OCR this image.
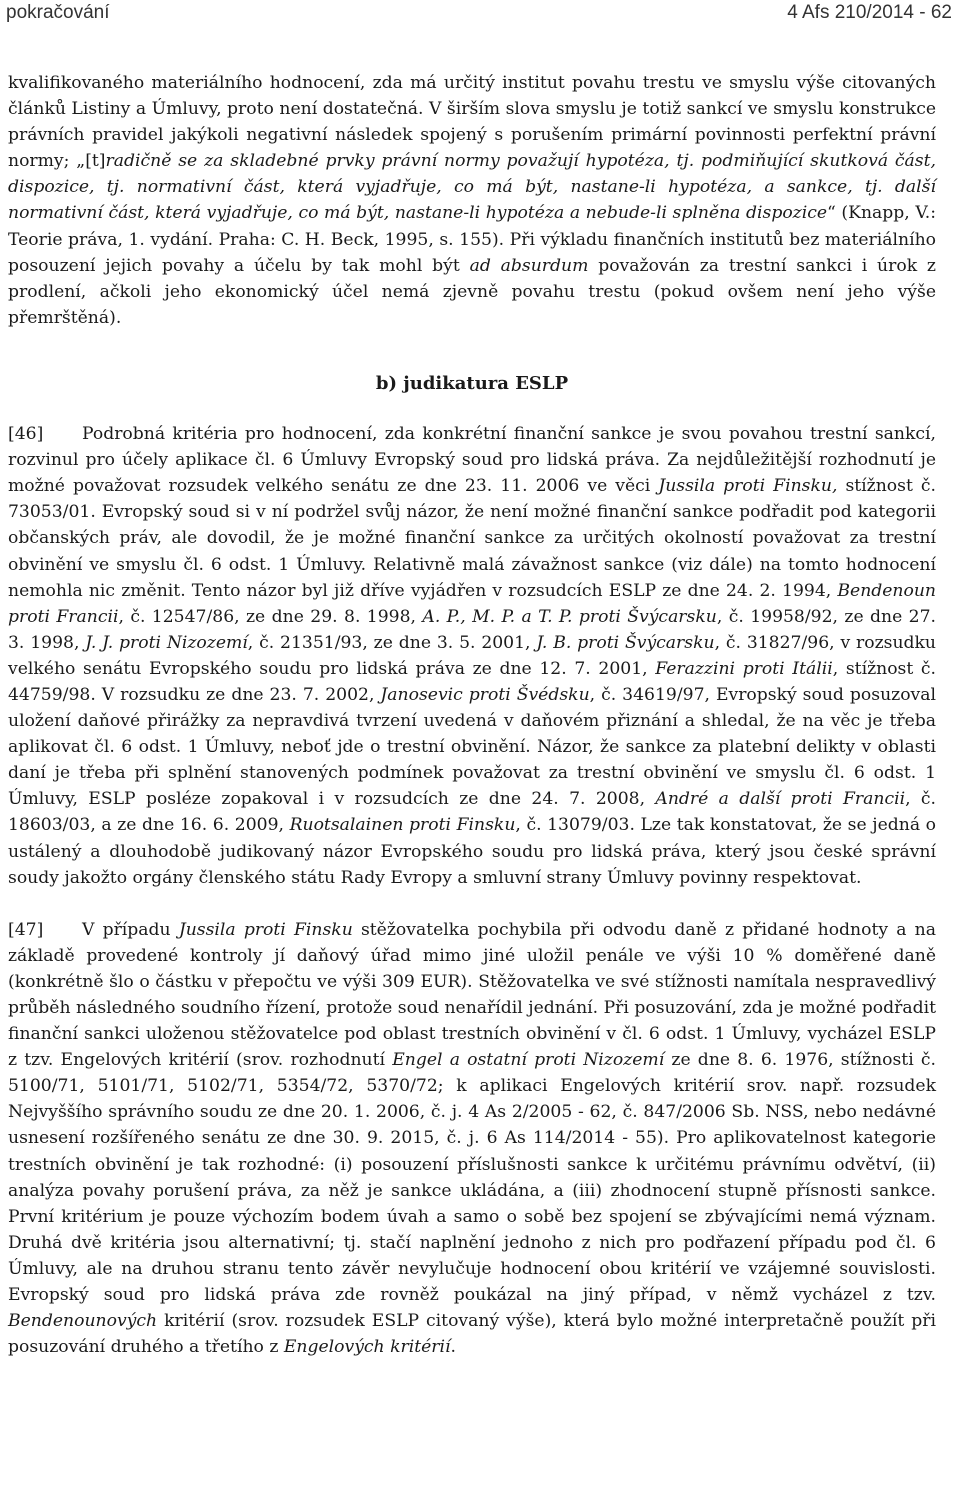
pokračování	4 Afs 210/2014 - 62

kvalifikovaného materiálního hodnocení, zda má určitý institut povahu trestu ve smyslu výše citovaných článků Listiny a Úmluvy, proto není dostatečná. V širším slova smyslu je totiž sankcí ve smyslu konstrukce právních pravidel jakýkoli negativní následek spojený s porušením primární povinnosti perfektní právní normy; „[t]radičně se za skladebné prvky právní normy považují hypotéza, tj. podmiňující skutková část, dispozice, tj. normativní část, která vyjadřuje, co má být, nastane-li hypotéza, a sankce, tj. další normativní část, která vyjadřuje, co má být, nastane-li hypotéza a nebude-li splněna dispozice“ (Knapp, V.: Teorie práva, 1. vydání. Praha: C. H. Beck, 1995, s. 155). Při výkladu finančních institutů bez materiálního posouzení jejich povahy a účelu by tak mohl být ad absurdum považován za trestní sankci i úrok z prodlení, ačkoli jeho ekonomický účel nemá zjevně povahu trestu (pokud ovšem není jeho výše přemrštěná).

b) judikatura ESLP

[46] Podrobná kritéria pro hodnocení, zda konkrétní finanční sankce je svou povahou trestní sankcí, rozvinul pro účely aplikace čl. 6 Úmluvy Evropský soud pro lidská práva. Za nejdůležitější rozhodnutí je možné považovat rozsudek velkého senátu ze dne 23. 11. 2006 ve věci Jussila proti Finsku, stížnost č. 73053/01. Evropský soud si v ní podržel svůj názor, že není možné finanční sankce podřadit pod kategorii občanských práv, ale dovodil, že je možné finanční sankce za určitých okolností považovat za trestní obvinění ve smyslu čl. 6 odst. 1 Úmluvy. Relativně malá závažnost sankce (viz dále) na tomto hodnocení nemohla nic změnit. Tento názor byl již dříve vyjádřen v rozsudcích ESLP ze dne 24. 2. 1994, Bendenoun proti Francii, č. 12547/86, ze dne 29. 8. 1998, A. P., M. P. a T. P. proti Švýcarsku, č. 19958/92, ze dne 27. 3. 1998, J. J. proti Nizozemí, č. 21351/93, ze dne 3. 5. 2001, J. B. proti Švýcarsku, č. 31827/96, v rozsudku velkého senátu Evropského soudu pro lidská práva ze dne 12. 7. 2001, Ferazzini proti Itálii, stížnost č. 44759/98. V rozsudku ze dne 23. 7. 2002, Janosevic proti Švédsku, č. 34619/97, Evropský soud posuzoval uložení daňové přirážky za nepravdivá tvrzení uvedená v daňovém přiznání a shledal, že na věc je třeba aplikovat čl. 6 odst. 1 Úmluvy, neboť jde o trestní obvinění. Názor, že sankce za platební delikty v oblasti daní je třeba při splnění stanovených podmínek považovat za trestní obvinění ve smyslu čl. 6 odst. 1 Úmluvy, ESLP posléze zopakoval i v rozsudcích ze dne 24. 7. 2008, André a další proti Francii, č. 18603/03, a ze dne 16. 6. 2009, Ruotsalainen proti Finsku, č. 13079/03. Lze tak konstatovat, že se jedná o ustálený a dlouhodobě judikovaný názor Evropského soudu pro lidská práva, který jsou české správní soudy jakožto orgány členského státu Rady Evropy a smluvní strany Úmluvy povinny respektovat.

[47] V případu Jussila proti Finsku stěžovatelka pochybila při odvodu daně z přidané hodnoty a na základě provedené kontroly jí daňový úřad mimo jiné uložil penále ve výši 10 % doměřené daně (konkrétně šlo o částku v přepočtu ve výši 309 EUR). Stěžovatelka ve své stížnosti namítala nespravedlivý průběh následného soudního řízení, protože soud nenařídil jednání. Při posuzování, zda je možné podřadit finanční sankci uloženou stěžovatelce pod oblast trestních obvinění v čl. 6 odst. 1 Úmluvy, vycházel ESLP z tzv. Engelových kritérií (srov. rozhodnutí Engel a ostatní proti Nizozemí ze dne 8. 6. 1976, stížnosti č. 5100/71, 5101/71, 5102/71, 5354/72, 5370/72; k aplikaci Engelových kritérií srov. např. rozsudek Nejvyššího správního soudu ze dne 20. 1. 2006, č. j. 4 As 2/2005 - 62, č. 847/2006 Sb. NSS, nebo nedávné usnesení rozšířeného senátu ze dne 30. 9. 2015, č. j. 6 As 114/2014 - 55). Pro aplikovatelnost kategorie trestních obvinění je tak rozhodné: (i) posouzení příslušnosti sankce k určitému právnímu odvětví, (ii) analýza povahy porušení práva, za něž je sankce ukládána, a (iii) zhodnocení stupně přísnosti sankce. První kritérium je pouze výchozím bodem úvah a samo o sobě bez spojení se zbývajícími nemá význam. Druhá dvě kritéria jsou alternativní; tj. stačí naplnění jednoho z nich pro podřazení případu pod čl. 6 Úmluvy, ale na druhou stranu tento závěr nevylučuje hodnocení obou kritérií ve vzájemné souvislosti. Evropský soud pro lidská práva zde rovněž poukázal na jiný případ, v němž vycházel z tzv. Bendenounových kritérií (srov. rozsudek ESLP citovaný výše), která bylo možné interpretačně použít při posuzování druhého a třetího z Engelových kritérií.
